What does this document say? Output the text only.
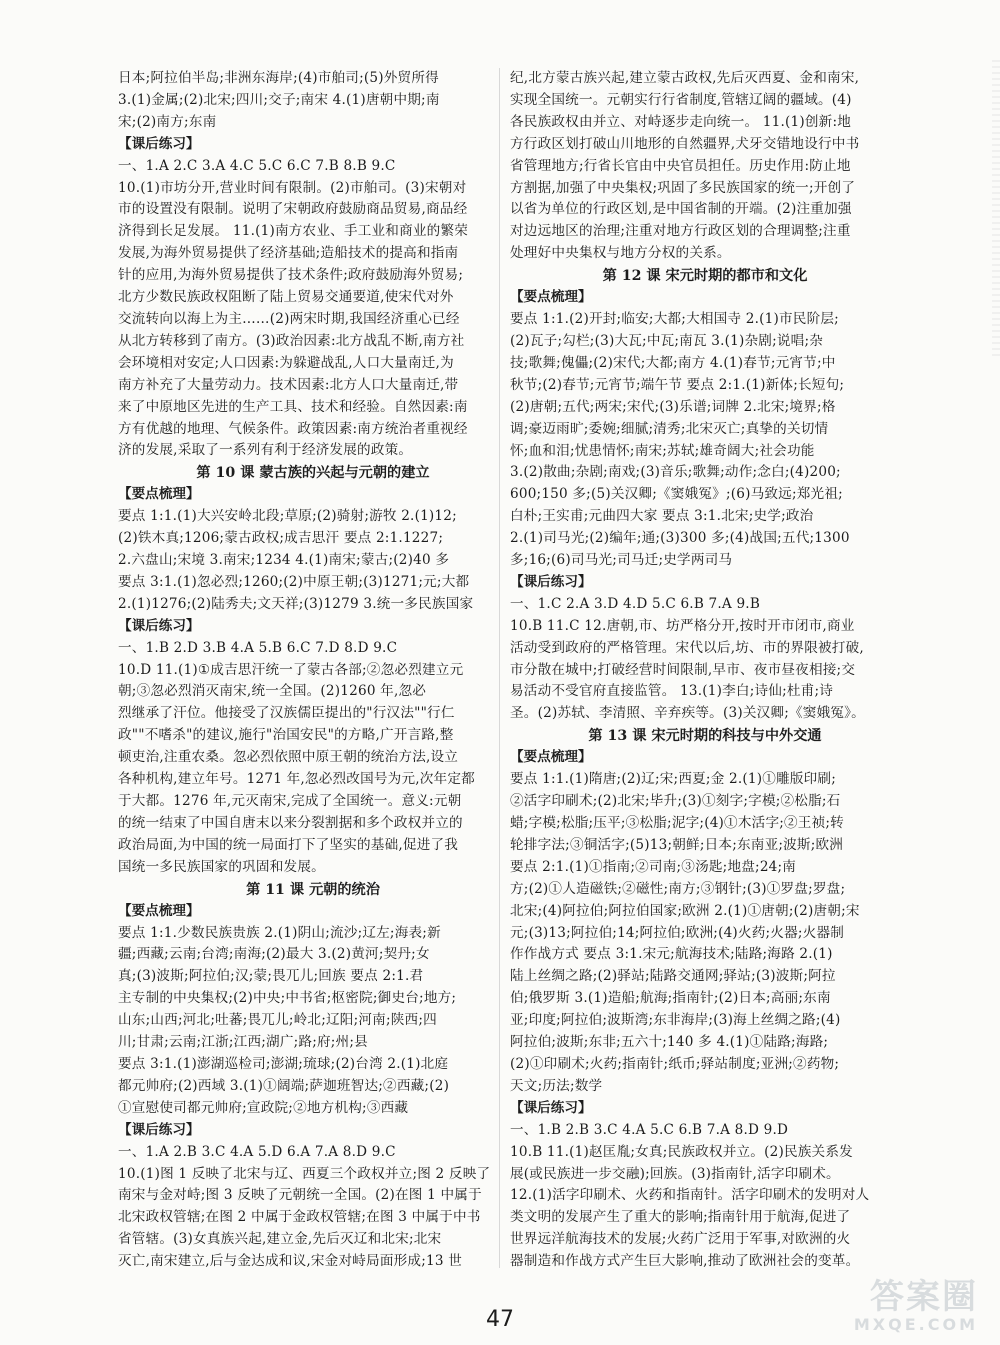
日本;阿拉伯半岛;非洲东海岸;(4)市舶司;(5)外贸所得
3.(1)金属;(2)北宋;四川;交子;南宋 4.(1)唐朝中期;南
宋;(2)南方;东南
【课后练习】
一、1.A 2.C 3.A 4.C 5.C 6.C 7.B 8.B 9.C
10.(1)市坊分开,营业时间有限制。(2)市舶司。(3)宋朝对
市的设置没有限制。说明了宋朝政府鼓励商品贸易,商品经
济得到长足发展。 11.(1)南方农业、手工业和商业的繁荣
发展,为海外贸易提供了经济基础;造船技术的提高和指南
针的应用,为海外贸易提供了技术条件;政府鼓励海外贸易;
北方少数民族政权阻断了陆上贸易交通要道,使宋代对外
交流转向以海上为主……(2)两宋时期,我国经济重心已经
从北方转移到了南方。(3)政治因素:北方战乱不断,南方社
会环境相对安定;人口因素:为躲避战乱,人口大量南迁,为
南方补充了大量劳动力。技术因素:北方人口大量南迁,带
来了中原地区先进的生产工具、技术和经验。自然因素:南
方有优越的地理、气候条件。政策因素:南方统治者重视经
济的发展,采取了一系列有利于经济发展的政策。
第 10 课 蒙古族的兴起与元朝的建立
【要点梳理】
要点 1:1.(1)大兴安岭北段;草原;(2)骑射;游牧 2.(1)12;
(2)铁木真;1206;蒙古政权;成吉思汗 要点 2:1.1227;
2.六盘山;宋境 3.南宋;1234 4.(1)南宋;蒙古;(2)40 多
要点 3:1.(1)忽必烈;1260;(2)中原王朝;(3)1271;元;大都
2.(1)1276;(2)陆秀夫;文天祥;(3)1279 3.统一多民族国家
【课后练习】
一、1.B 2.D 3.B 4.A 5.B 6.C 7.D 8.D 9.C
10.D 11.(1)①成吉思汗统一了蒙古各部;②忽必烈建立元
朝;③忽必烈消灭南宋,统一全国。(2)1260 年,忽必
烈继承了汗位。他接受了汉族儒臣提出的"行汉法""行仁
政""不嗜杀"的建议,施行"治国安民"的方略,广开言路,整
顿吏治,注重农桑。忽必烈依照中原王朝的统治方法,设立
各种机构,建立年号。1271 年,忽必烈改国号为元,次年定都
于大都。1276 年,元灭南宋,完成了全国统一。意义:元朝
的统一结束了中国自唐末以来分裂割据和多个政权并立的
政治局面,为中国的统一局面打下了坚实的基础,促进了我
国统一多民族国家的巩固和发展。
第 11 课 元朝的统治
【要点梳理】
要点 1:1.少数民族贵族 2.(1)阴山;流沙;辽左;海表;新
疆;西藏;云南;台湾;南海;(2)最大 3.(2)黄河;契丹;女
真;(3)波斯;阿拉伯;汉;蒙;畏兀儿;回族 要点 2:1.君
主专制的中央集权;(2)中央;中书省;枢密院;御史台;地方;
山东;山西;河北;吐蕃;畏兀儿;岭北;辽阳;河南;陕西;四
川;甘肃;云南;江浙;江西;湖广;路;府;州;县
要点 3:1.(1)澎湖巡检司;澎湖;琉球;(2)台湾 2.(1)北庭
都元帅府;(2)西域 3.(1)①阔端;萨迦班智达;②西藏;(2)
①宣慰使司都元帅府;宣政院;②地方机构;③西藏
【课后练习】
一、1.A 2.B 3.C 4.A 5.D 6.A 7.A 8.D 9.C
10.(1)图 1 反映了北宋与辽、西夏三个政权并立;图 2 反映了
南宋与金对峙;图 3 反映了元朝统一全国。(2)在图 1 中属于
北宋政权管辖;在图 2 中属于金政权管辖;在图 3 中属于中书
省管辖。(3)女真族兴起,建立金,先后灭辽和北宋;北宋
灭亡,南宋建立,后与金达成和议,宋金对峙局面形成;13 世
纪,北方蒙古族兴起,建立蒙古政权,先后灭西夏、金和南宋,
实现全国统一。元朝实行行省制度,管辖辽阔的疆域。(4)
各民族政权由并立、对峙逐步走向统一。 11.(1)创新:地
方行政区划打破山川地形的自然疆界,犬牙交错地设行中书
省管理地方;行省长官由中央官员担任。历史作用:防止地
方割据,加强了中央集权;巩固了多民族国家的统一;开创了
以省为单位的行政区划,是中国省制的开端。(2)注重加强
对边远地区的治理;注重对地方行政区划的合理调整;注重
处理好中央集权与地方分权的关系。
第 12 课 宋元时期的都市和文化
【要点梳理】
要点 1:1.(2)开封;临安;大都;大相国寺 2.(1)市民阶层;
(2)瓦子;勾栏;(3)大瓦;中瓦;南瓦 3.(1)杂剧;说唱;杂
技;歌舞;傀儡;(2)宋代;大都;南方 4.(1)春节;元宵节;中
秋节;(2)春节;元宵节;端午节 要点 2:1.(1)新体;长短句;
(2)唐朝;五代;两宋;宋代;(3)乐谱;词牌 2.北宋;境界;格
调;豪迈雨旷;委婉;细腻;清秀;北宋灭亡;真挚的关切情
怀;血和泪;忧患情怀;南宋;苏轼;雄奇阔大;社会功能
3.(2)散曲;杂剧;南戏;(3)音乐;歌舞;动作;念白;(4)200;
600;150 多;(5)关汉卿;《窦娥冤》;(6)马致远;郑光祖;
白朴;王实甫;元曲四大家 要点 3:1.北宋;史学;政治
2.(1)司马光;(2)编年;通;(3)300 多;(4)战国;五代;1300
多;16;(6)司马光;司马迁;史学两司马
【课后练习】
一、1.C 2.A 3.D 4.D 5.C 6.B 7.A 9.B
10.B 11.C 12.唐朝,市、坊严格分开,按时开市闭市,商业
活动受到政府的严格管理。宋代以后,坊、市的界限被打破,
市分散在城中;打破经营时间限制,早市、夜市昼夜相接;交
易活动不受官府直接监管。 13.(1)李白;诗仙;杜甫;诗
圣。(2)苏轼、李清照、辛弃疾等。(3)关汉卿;《窦娥冤》。
第 13 课 宋元时期的科技与中外交通
【要点梳理】
要点 1:1.(1)隋唐;(2)辽;宋;西夏;金 2.(1)①雕版印刷;
②活字印刷术;(2)北宋;毕升;(3)①刻字;字模;②松脂;石
蜡;字模;松脂;压平;③松脂;泥字;(4)①木活字;②王祯;转
轮排字法;③铜活字;(5)13;朝鲜;日本;东南亚;波斯;欧洲
要点 2:1.(1)①指南;②司南;③汤匙;地盘;24;南
方;(2)①人造磁铁;②磁性;南方;③钢针;(3)①罗盘;罗盘;
北宋;(4)阿拉伯;阿拉伯国家;欧洲 2.(1)①唐朝;(2)唐朝;宋
元;(3)13;阿拉伯;14;阿拉伯;欧洲;(4)火药;火器;火器制
作作战方式 要点 3:1.宋元;航海技术;陆路;海路 2.(1)
陆上丝绸之路;(2)驿站;陆路交通网;驿站;(3)波斯;阿拉
伯;俄罗斯 3.(1)造船;航海;指南针;(2)日本;高丽;东南
亚;印度;阿拉伯;波斯湾;东非海岸;(3)海上丝绸之路;(4)
阿拉伯;波斯;东非;五六十;140 多 4.(1)①陆路;海路;
(2)①印刷术;火药;指南针;纸币;驿站制度;亚洲;②药物;
天文;历法;数学
【课后练习】
一、1.B 2.B 3.C 4.A 5.C 6.B 7.A 8.D 9.D
10.B 11.(1)赵匡胤;女真;民族政权并立。(2)民族关系发
展(或民族进一步交融);回族。(3)指南针,活字印刷术。
12.(1)活字印刷术、火药和指南针。活字印刷术的发明对人
类文明的发展产生了重大的影响;指南针用于航海,促进了
世界远洋航海技术的发展;火药广泛用于军事,对欧洲的火
器制造和作战方式产生巨大影响,推动了欧洲社会的变革。
47
答案圈
MXQE.COM
